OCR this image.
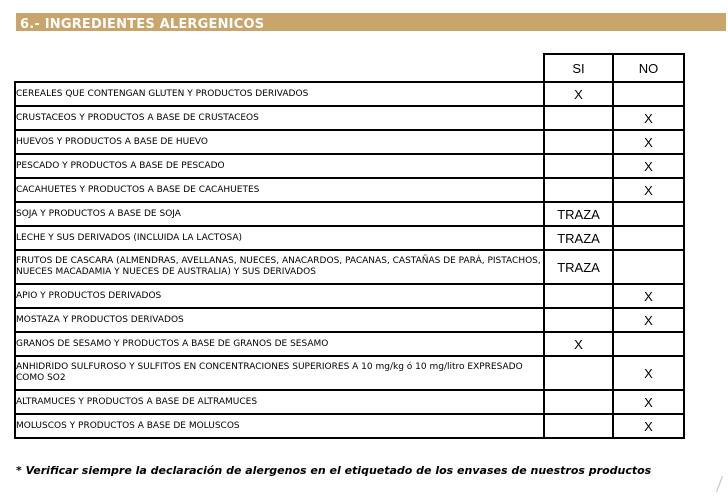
6.- INGREDIENTES ALERGENICOS
	SI	NO
CEREALES QUE CONTENGAN GLUTEN Y PRODUCTOS DERIVADOS	X	
CRUSTACEOS Y PRODUCTOS A BASE DE CRUSTACEOS		X
HUEVOS Y PRODUCTOS A BASE DE HUEVO		X
PESCADO Y PRODUCTOS A BASE DE PESCADO		X
CACAHUETES Y PRODUCTOS A BASE DE CACAHUETES		X
SOJA Y PRODUCTOS A BASE DE SOJA	TRAZA	
LECHE Y SUS DERIVADOS (INCLUIDA LA LACTOSA)	TRAZA	
FRUTOS DE CASCARA (ALMENDRAS, AVELLANAS, NUECES, ANACARDOS, PACANAS, CASTAÑAS DE PARÁ, PISTACHOS, NUECES MACADAMIA Y NUECES DE AUSTRALIA) Y SUS DERIVADOS	TRAZA	
APIO Y PRODUCTOS DERIVADOS		X
MOSTAZA Y PRODUCTOS DERIVADOS		X
GRANOS DE SESAMO Y PRODUCTOS A BASE DE GRANOS DE SESAMO	X	
ANHIDRIDO SULFUROSO Y SULFITOS EN CONCENTRACIONES SUPERIORES A 10 mg/kg ó 10 mg/litro EXPRESADO COMO SO2		X
ALTRAMUCES Y PRODUCTOS A BASE DE ALTRAMUCES		X
MOLUSCOS Y PRODUCTOS A BASE DE MOLUSCOS		X
* Verificar siempre la declaración de alergenos en el etiquetado de los envases de nuestros productos
